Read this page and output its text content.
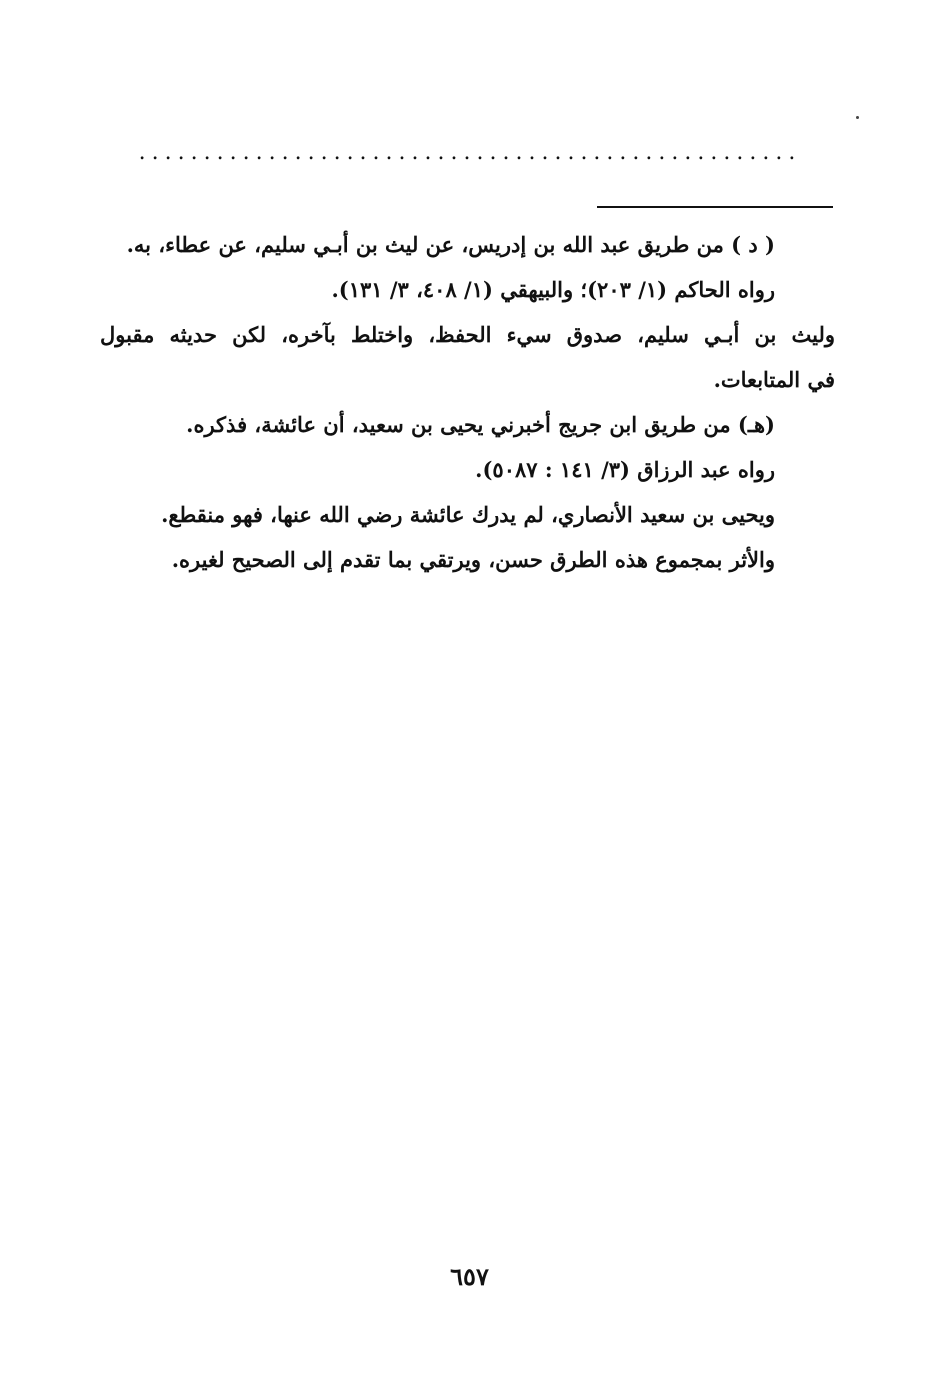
...................................................
( د ) من طريق عبد الله بن إدريس، عن ليث بن أبـي سليم، عن عطاء، به.
رواه الحاكم (١/ ٢٠٣)؛ والبيهقي (١/ ٤٠٨، ٣/ ١٣١).
وليث بن أبـي سليم، صدوق سيء الحفظ، واختلط بآخره، لكن حديثه مقبول
في المتابعات.
(هـ) من طريق ابن جريج أخبرني يحيى بن سعيد، أن عائشة، فذكره.
رواه عبد الرزاق (٣/ ١٤١ : ٥٠٨٧).
ويحيى بن سعيد الأنصاري، لم يدرك عائشة رضي الله عنها، فهو منقطع.
والأثر بمجموع هذه الطرق حسن، ويرتقي بما تقدم إلى الصحيح لغيره.
٦٥٧
